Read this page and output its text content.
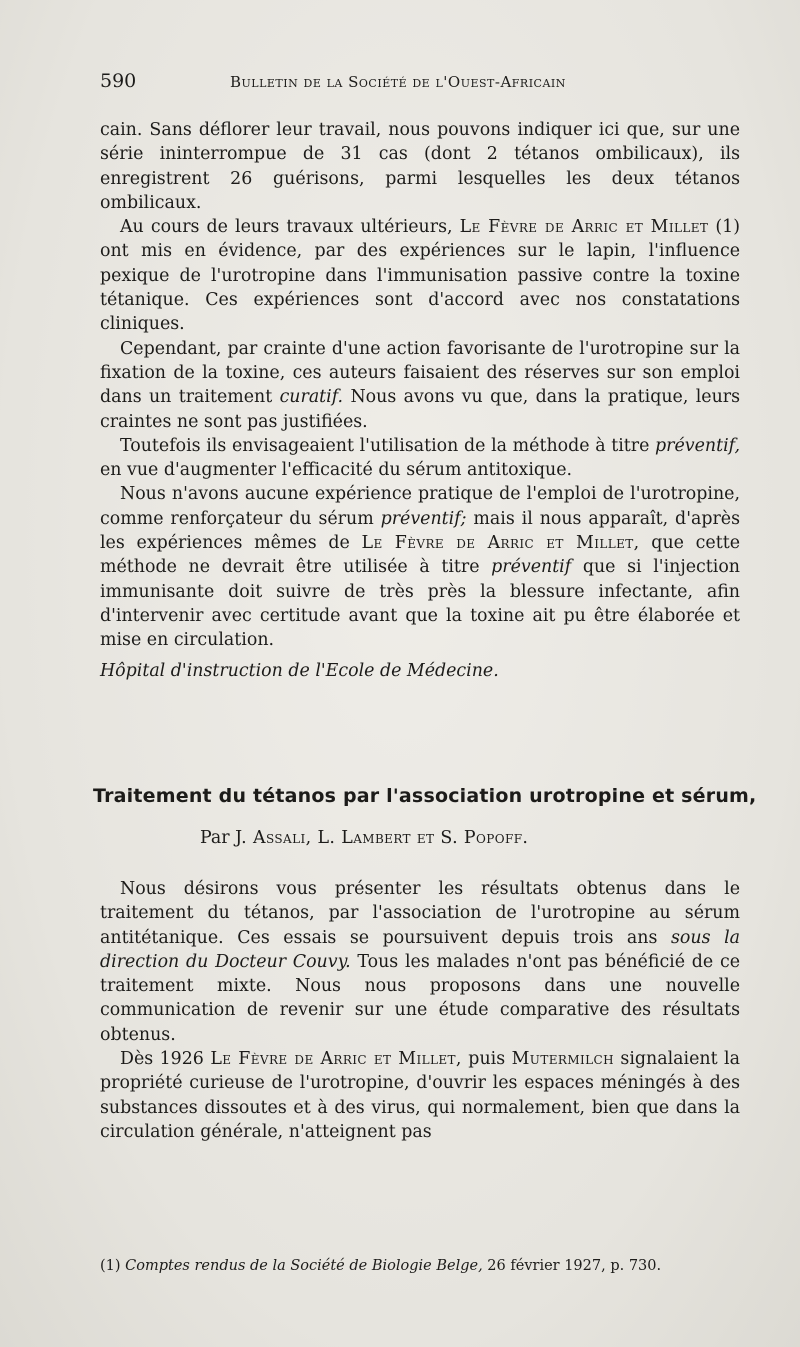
590	Bulletin de la Société de l'Ouest-Africain

cain. Sans déflorer leur travail, nous pouvons indiquer ici que, sur une série ininterrompue de 31 cas (dont 2 tétanos ombilicaux), ils enregistrent 26 guérisons, parmi lesquelles les deux tétanos ombilicaux.

Au cours de leurs travaux ultérieurs, Le Fèvre de Arric et Millet (1) ont mis en évidence, par des expériences sur le lapin, l'influence pexique de l'urotropine dans l'immunisation passive contre la toxine tétanique. Ces expériences sont d'accord avec nos constatations cliniques.

Cependant, par crainte d'une action favorisante de l'urotropine sur la fixation de la toxine, ces auteurs faisaient des réserves sur son emploi dans un traitement curatif. Nous avons vu que, dans la pratique, leurs craintes ne sont pas justifiées.

Toutefois ils envisageaient l'utilisation de la méthode à titre préventif, en vue d'augmenter l'efficacité du sérum antitoxique.

Nous n'avons aucune expérience pratique de l'emploi de l'urotropine, comme renforçateur du sérum préventif; mais il nous apparaît, d'après les expériences mêmes de Le Fèvre de Arric et Millet, que cette méthode ne devrait être utilisée à titre préventif que si l'injection immunisante doit suivre de très près la blessure infectante, afin d'intervenir avec certitude avant que la toxine ait pu être élaborée et mise en circulation.

Hôpital d'instruction de l'Ecole de Médecine.

Traitement du tétanos par l'association urotropine et sérum,
Par J. Assali, L. Lambert et S. Popoff.

Nous désirons vous présenter les résultats obtenus dans le traitement du tétanos, par l'association de l'urotropine au sérum antitétanique. Ces essais se poursuivent depuis trois ans sous la direction du Docteur Couvy. Tous les malades n'ont pas bénéficié de ce traitement mixte. Nous nous proposons dans une nouvelle communication de revenir sur une étude comparative des résultats obtenus.

Dès 1926 Le Fèvre de Arric et Millet, puis Mutermilch signalaient la propriété curieuse de l'urotropine, d'ouvrir les espaces méningés à des substances dissoutes et à des virus, qui normalement, bien que dans la circulation générale, n'atteignent pas

(1) Comptes rendus de la Société de Biologie Belge, 26 février 1927, p. 730.
